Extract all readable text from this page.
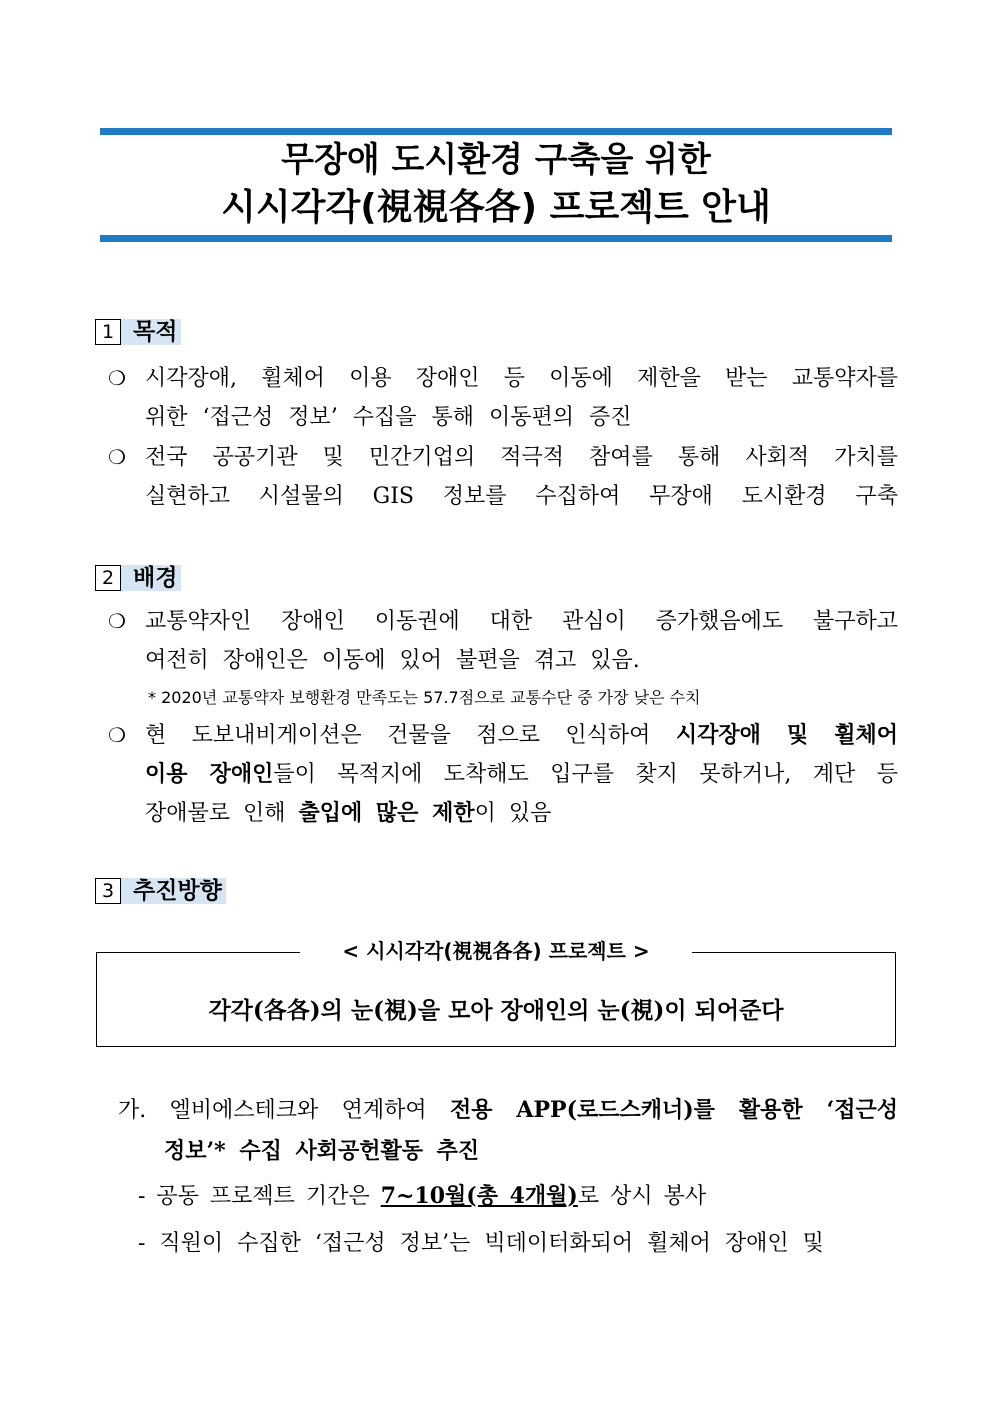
무장애 도시환경 구축을 위한
시시각각(視視各各) 프로젝트 안내
1 목적
❍ 시각장애, 휠체어 이용 장애인 등 이동에 제한을 받는 교통약자를
위한 ‘접근성 정보’ 수집을 통해 이동편의 증진
❍ 전국 공공기관 및 민간기업의 적극적 참여를 통해 사회적 가치를
실현하고 시설물의 GIS 정보를 수집하여 무장애 도시환경 구축
2 배경
❍ 교통약자인 장애인 이동권에 대한 관심이 증가했음에도 불구하고
여전히 장애인은 이동에 있어 불편을 겪고 있음.
* 2020년 교통약자 보행환경 만족도는 57.7점으로 교통수단 중 가장 낮은 수치
❍ 현 도보내비게이션은 건물을 점으로 인식하여 시각장애 및 휠체어
이용 장애인들이 목적지에 도착해도 입구를 찾지 못하거나, 계단 등
장애물로 인해 출입에 많은 제한이 있음
3 추진방향
< 시시각각(視視各各) 프로젝트 >
각각(各各)의 눈(視)을 모아 장애인의 눈(視)이 되어준다
가. 엘비에스테크와 연계하여 전용 APP(로드스캐너)를 활용한 ‘접근성
정보’* 수집 사회공헌활동 추진
- 공동 프로젝트 기간은 7~10월(총 4개월)로 상시 봉사
- 직원이 수집한 ‘접근성 정보’는 빅데이터화되어 휠체어 장애인 및
